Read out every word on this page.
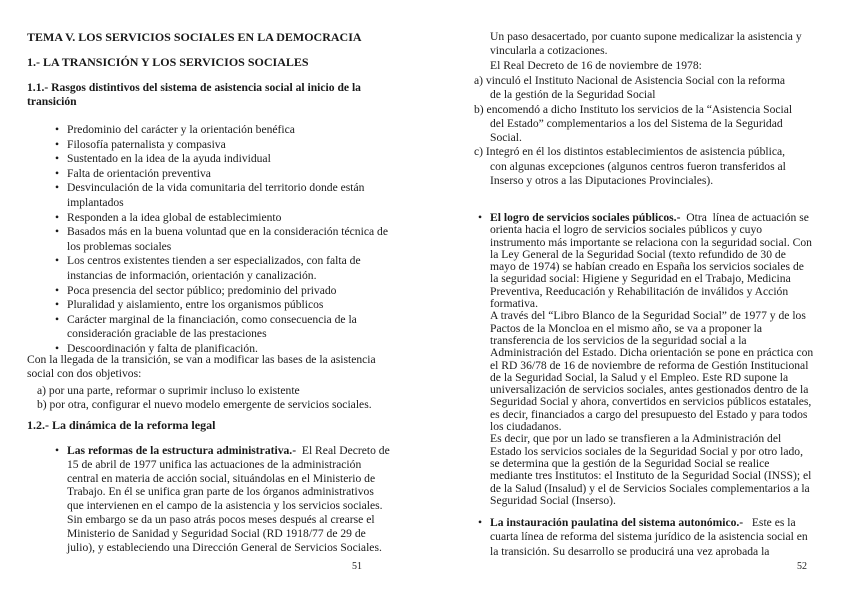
TEMA V. LOS SERVICIOS SOCIALES EN LA DEMOCRACIA
1.- LA TRANSICIÓN Y LOS SERVICIOS SOCIALES
1.1.- Rasgos distintivos del sistema de asistencia social al inicio de la
transición
• Predominio del carácter y la orientación benéfica
• Filosofía paternalista y compasiva
• Sustentado en la idea de la ayuda individual
• Falta de orientación preventiva
• Desvinculación de la vida comunitaria del territorio donde están
implantados
• Responden a la idea global de establecimiento
• Basados más en la buena voluntad que en la consideración técnica de
los problemas sociales
• Los centros existentes tienden a ser especializados, con falta de
instancias de información, orientación y canalización.
• Poca presencia del sector público; predominio del privado
• Pluralidad y aislamiento, entre los organismos públicos
• Carácter marginal de la financiación, como consecuencia de la
consideración graciable de las prestaciones
• Descoordinación y falta de planificación.
Con la llegada de la transición, se van a modificar las bases de la asistencia
social con dos objetivos:
a) por una parte, reformar o suprimir incluso lo existente
b) por otra, configurar el nuevo modelo emergente de servicios sociales.
1.2.- La dinámica de la reforma legal
• Las reformas de la estructura administrativa.-  El Real Decreto de
15 de abril de 1977 unifica las actuaciones de la administración
central en materia de acción social, situándolas en el Ministerio de
Trabajo. En él se unifica gran parte de los órganos administrativos
que intervienen en el campo de la asistencia y los servicios sociales.
Sin embargo se da un paso atrás pocos meses después al crearse el
Ministerio de Sanidad y Seguridad Social (RD 1918/77 de 29 de
julio), y estableciendo una Dirección General de Servicios Sociales.
51
Un paso desacertado, por cuanto supone medicalizar la asistencia y
vincularla a cotizaciones.
El Real Decreto de 16 de noviembre de 1978:
a) vinculó el Instituto Nacional de Asistencia Social con la reforma
de la gestión de la Seguridad Social
b) encomendó a dicho Instituto los servicios de la “Asistencia Social
del Estado” complementarios a los del Sistema de la Seguridad
Social.
c) Integró en él los distintos establecimientos de asistencia pública,
con algunas excepciones (algunos centros fueron transferidos al
Inserso y otros a las Diputaciones Provinciales).
• El logro de servicios sociales públicos.-  Otra  línea de actuación se
orienta hacia el logro de servicios sociales públicos y cuyo
instrumento más importante se relaciona con la seguridad social. Con
la Ley General de la Seguridad Social (texto refundido de 30 de
mayo de 1974) se habían creado en España los servicios sociales de
la seguridad social: Higiene y Seguridad en el Trabajo, Medicina
Preventiva, Reeducación y Rehabilitación de inválidos y Acción
formativa.
A través del “Libro Blanco de la Seguridad Social” de 1977 y de los
Pactos de la Moncloa en el mismo año, se va a proponer la
transferencia de los servicios de la seguridad social a la
Administración del Estado. Dicha orientación se pone en práctica con
el RD 36/78 de 16 de noviembre de reforma de Gestión Institucional
de la Seguridad Social, la Salud y el Empleo. Este RD supone la
universalización de servicios sociales, antes gestionados dentro de la
Seguridad Social y ahora, convertidos en servicios públicos estatales,
es decir, financiados a cargo del presupuesto del Estado y para todos
los ciudadanos.
Es decir, que por un lado se transfieren a la Administración del
Estado los servicios sociales de la Seguridad Social y por otro lado,
se determina que la gestión de la Seguridad Social se realice
mediante tres Institutos: el Instituto de la Seguridad Social (INSS); el
de la Salud (Insalud) y el de Servicios Sociales complementarios a la
Seguridad Social (Inserso).
• La instauración paulatina del sistema autonómico.-   Este es la
cuarta línea de reforma del sistema jurídico de la asistencia social en
la transición. Su desarrollo se producirá una vez aprobada la
52
